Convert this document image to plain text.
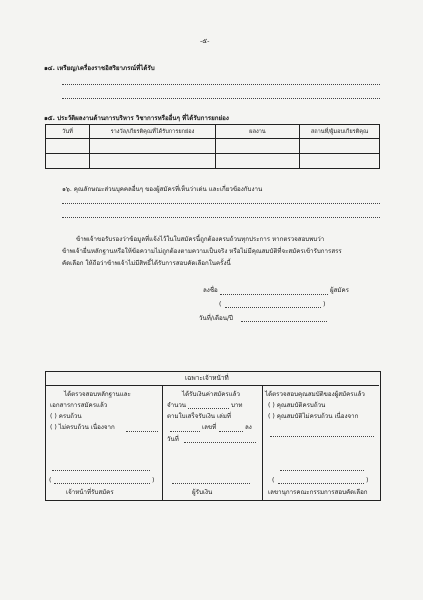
-๕-
๑๔. เหรียญ/เครื่องราชอิสริยาภรณ์ที่ได้รับ
๑๕. ประวัติผลงานด้านการบริหาร วิชาการหรืออื่นๆ ที่ได้รับการยกย่อง
วันที่	รางวัล/เกียรติคุณที่ได้รับการยกย่อง	ผลงาน	สถานที่/ผู้มอบเกียรติคุณ

๑๖. คุณลักษณะส่วนบุคคลอื่นๆ ของผู้สมัครที่เห็นว่าเด่น และเกี่ยวข้องกับงาน
ข้าพเจ้าขอรับรองว่าข้อมูลที่แจ้งไว้ในใบสมัครนี้ถูกต้องครบถ้วนทุกประการ หากตรวจสอบพบว่า
ข้าพเจ้ายื่นหลักฐานหรือให้ข้อความไม่ถูกต้องตามความเป็นจริง หรือไม่มีคุณสมบัติที่จะสมัครเข้ารับการสรร
คัดเลือก ให้ถือว่าข้าพเจ้าไม่มีสิทธิ์ได้รับการสอบคัดเลือกในครั้งนี้
ลงชื่อ	ผู้สมัคร
(	)
วันที่/เดือน/ปี
เฉพาะเจ้าหน้าที่
ได้ตรวจสอบหลักฐานและ
เอกสารการสมัครแล้ว
( ) ครบถ้วน
( ) ไม่ครบถ้วน เนื่องจาก
(	)
เจ้าหน้าที่รับสมัคร
ได้รับเงินค่าสมัครแล้ว
จำนวน	บาท
ตามใบเสร็จรับเงิน เล่มที่
เลขที่	ลง
วันที่
ผู้รับเงิน
ได้ตรวจสอบคุณสมบัติของผู้สมัครแล้ว
( ) คุณสมบัติครบถ้วน
( ) คุณสมบัติไม่ครบถ้วน เนื่องจาก
(	)
เลขานุการคณะกรรมการสอบคัดเลือก
